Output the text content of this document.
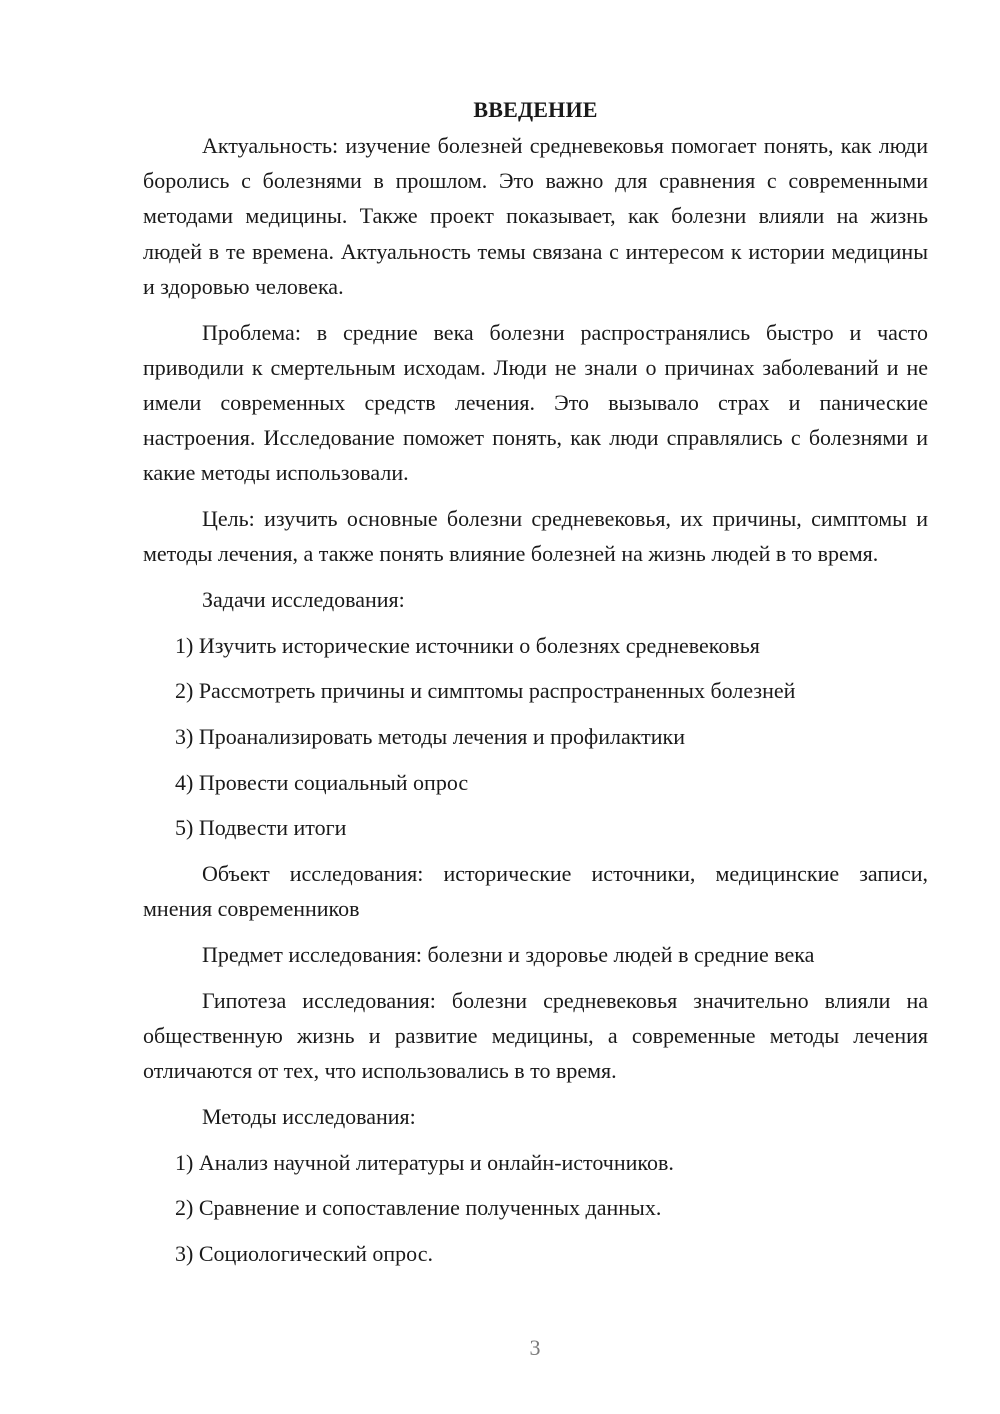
ВВЕДЕНИЕ

Актуальность: изучение болезней средневековья помогает понять, как люди боролись с болезнями в прошлом. Это важно для сравнения с современными методами медицины. Также проект показывает, как болезни влияли на жизнь людей в те времена. Актуальность темы связана с интересом к истории медицины и здоровью человека.

Проблема: в средние века болезни распространялись быстро и часто приводили к смертельным исходам. Люди не знали о причинах заболеваний и не имели современных средств лечения. Это вызывало страх и панические настроения. Исследование поможет понять, как люди справлялись с болезнями и какие методы использовали.

Цель: изучить основные болезни средневековья, их причины, симптомы и методы лечения, а также понять влияние болезней на жизнь людей в то время.

Задачи исследования:

1) Изучить исторические источники о болезнях средневековья
2) Рассмотреть причины и симптомы распространенных болезней
3) Проанализировать методы лечения и профилактики
4) Провести социальный опрос
5) Подвести итоги

Объект исследования: исторические источники, медицинские записи, мнения современников

Предмет исследования: болезни и здоровье людей в средние века

Гипотеза исследования: болезни средневековья значительно влияли на общественную жизнь и развитие медицины, а современные методы лечения отличаются от тех, что использовались в то время.

Методы исследования:

1) Анализ научной литературы и онлайн-источников.
2) Сравнение и сопоставление полученных данных.
3) Социологический опрос.
3
